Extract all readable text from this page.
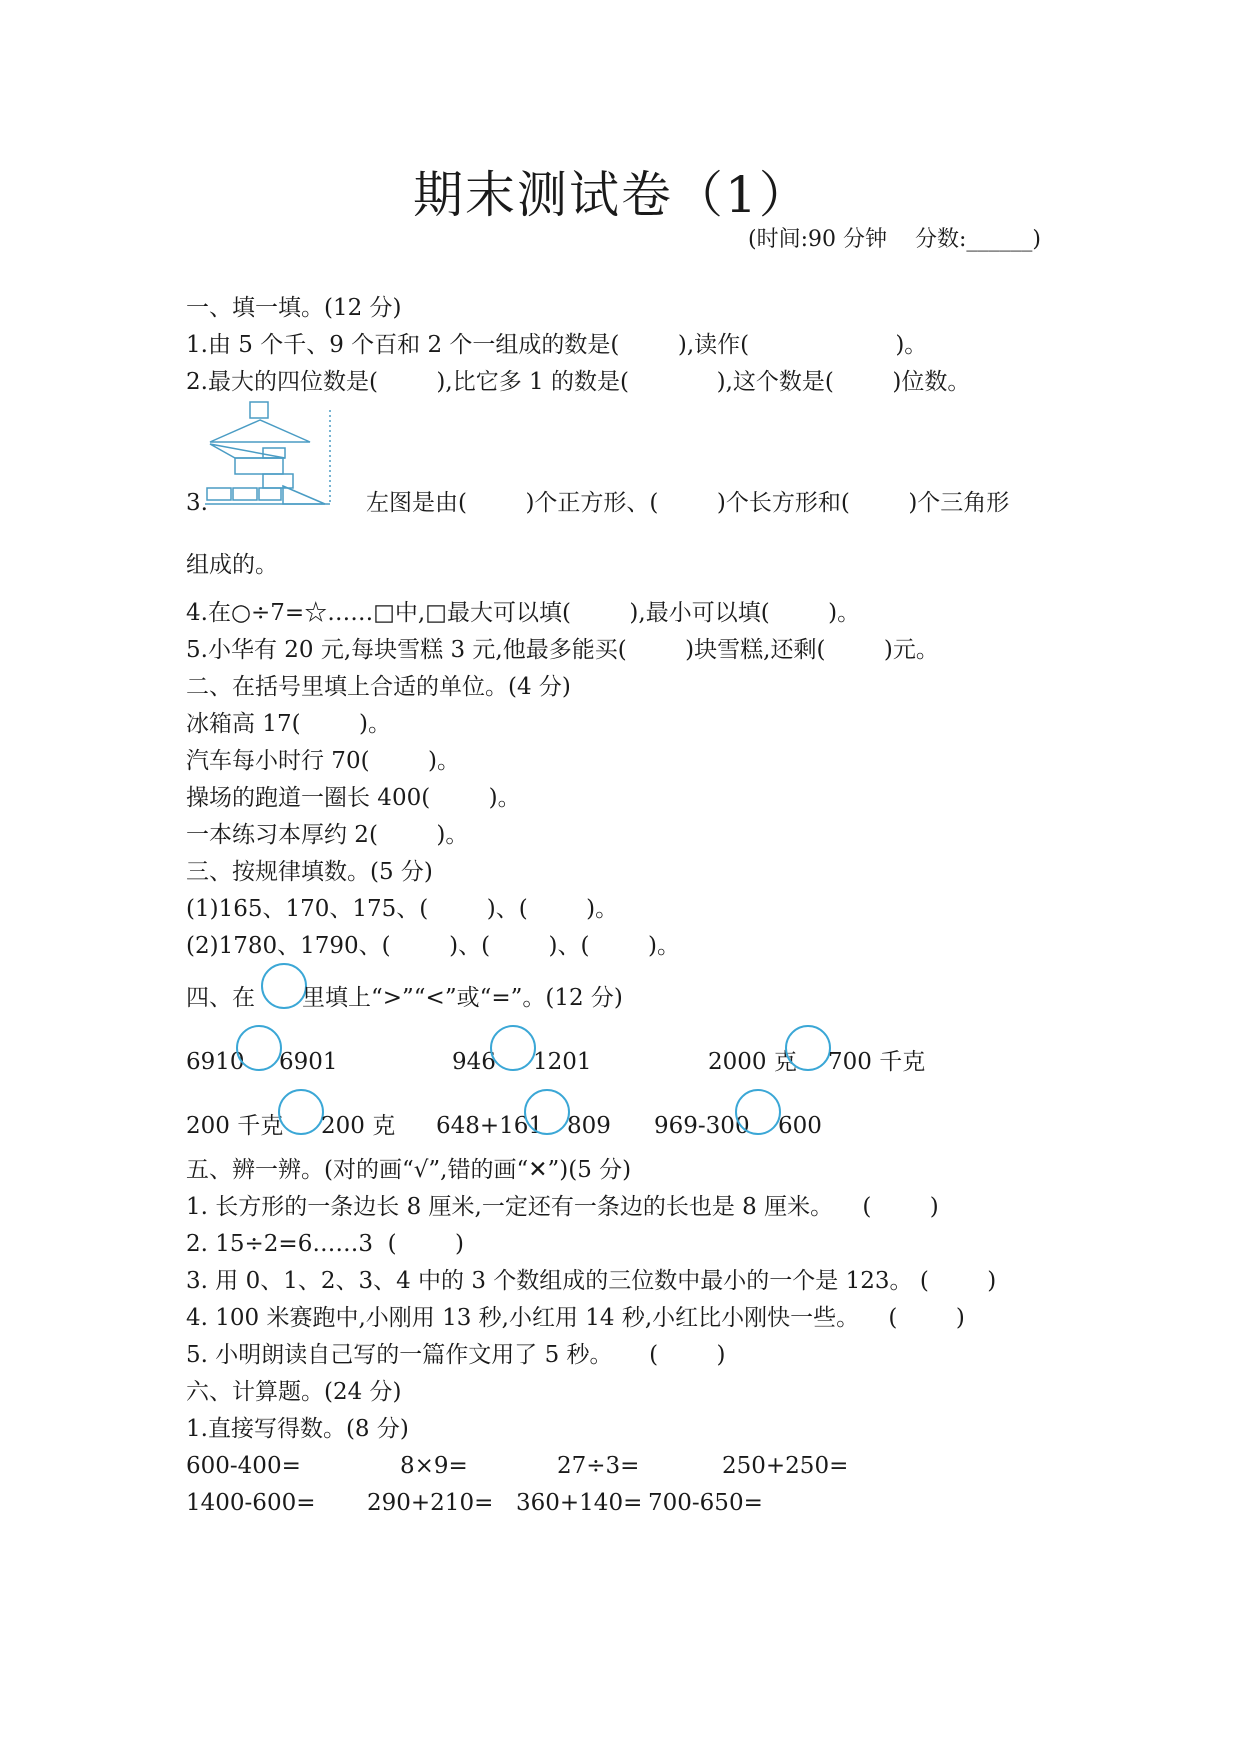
期末测试卷（1）
(时间:90 分钟    分数:______)
一、填一填。(12 分)
1.由 5 个千、9 个百和 2 个一组成的数是(        ),读作(                    )。
2.最大的四位数是(        ),比它多 1 的数是(            ),这个数是(        )位数。
3.	左图是由(        )个正方形、(        )个长方形和(        )个三角形
组成的。
4.在○÷7=☆……□中,□最大可以填(        ),最小可以填(        )。
5.小华有 20 元,每块雪糕 3 元,他最多能买(        )块雪糕,还剩(        )元。
二、在括号里填上合适的单位。(4 分)
冰箱高 17(        )。
汽车每小时行 70(        )。
操场的跑道一圈长 400(        )。
一本练习本厚约 2(        )。
三、按规律填数。(5 分)
(1)165、170、175、(        )、(        )。
(2)1780、1790、(        )、(        )、(        )。
四、在 里填上“>”“<”或“=”。(12 分)
6910 6901	946 1201	2000 克 700 千克
200 千克 200 克 648+161 809 969-300 600
五、辨一辨。(对的画“√”,错的画“✕”)(5 分)
1. 长方形的一条边长 8 厘米,一定还有一条边的长也是 8 厘米。    (        )
2. 15÷2=6……3  (        )
3. 用 0、1、2、3、4 中的 3 个数组成的三位数中最小的一个是 123。 (        )
4. 100 米赛跑中,小刚用 13 秒,小红用 14 秒,小红比小刚快一些。    (        )
5. 小明朗读自己写的一篇作文用了 5 秒。     (        )
六、计算题。(24 分)
1.直接写得数。(8 分)
600-400=	8×9=	27÷3=	250+250=
1400-600= 290+210= 360+140= 700-650=
